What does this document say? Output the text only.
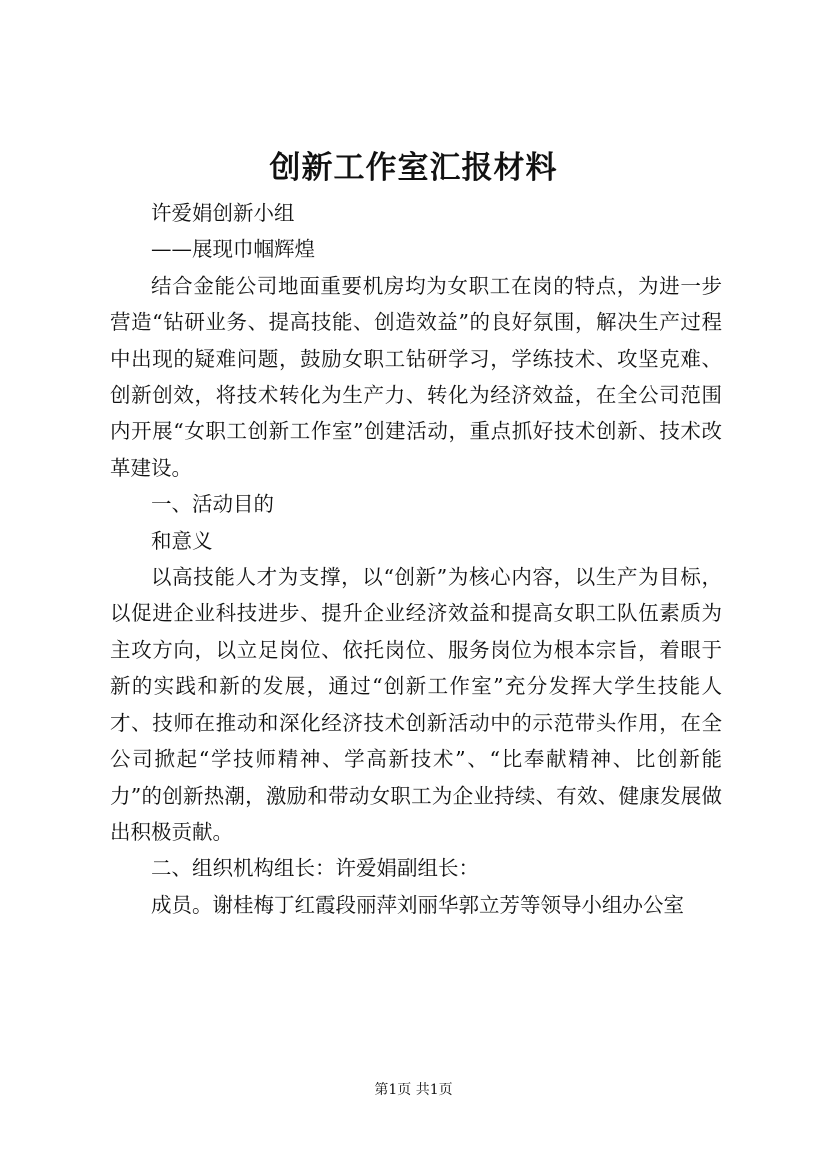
创新工作室汇报材料

许爱娟创新小组

——展现巾帼辉煌

结合金能公司地面重要机房均为女职工在岗的特点，为进一步营造“钻研业务、提高技能、创造效益”的良好氛围，解决生产过程中出现的疑难问题，鼓励女职工钻研学习，学练技术、攻坚克难、创新创效，将技术转化为生产力、转化为经济效益，在全公司范围内开展“女职工创新工作室”创建活动，重点抓好技术创新、技术改革建设。

一、活动目的

和意义

以高技能人才为支撑，以“创新”为核心内容，以生产为目标，以促进企业科技进步、提升企业经济效益和提高女职工队伍素质为主攻方向，以立足岗位、依托岗位、服务岗位为根本宗旨，着眼于新的实践和新的发展，通过“创新工作室”充分发挥大学生技能人才、技师在推动和深化经济技术创新活动中的示范带头作用，在全公司掀起“学技师精神、学高新技术”、“比奉献精神、比创新能力”的创新热潮，激励和带动女职工为企业持续、有效、健康发展做出积极贡献。

二、组织机构组长：许爱娟副组长：

成员。谢桂梅丁红霞段丽萍刘丽华郭立芳等领导小组办公室

第1页 共1页
